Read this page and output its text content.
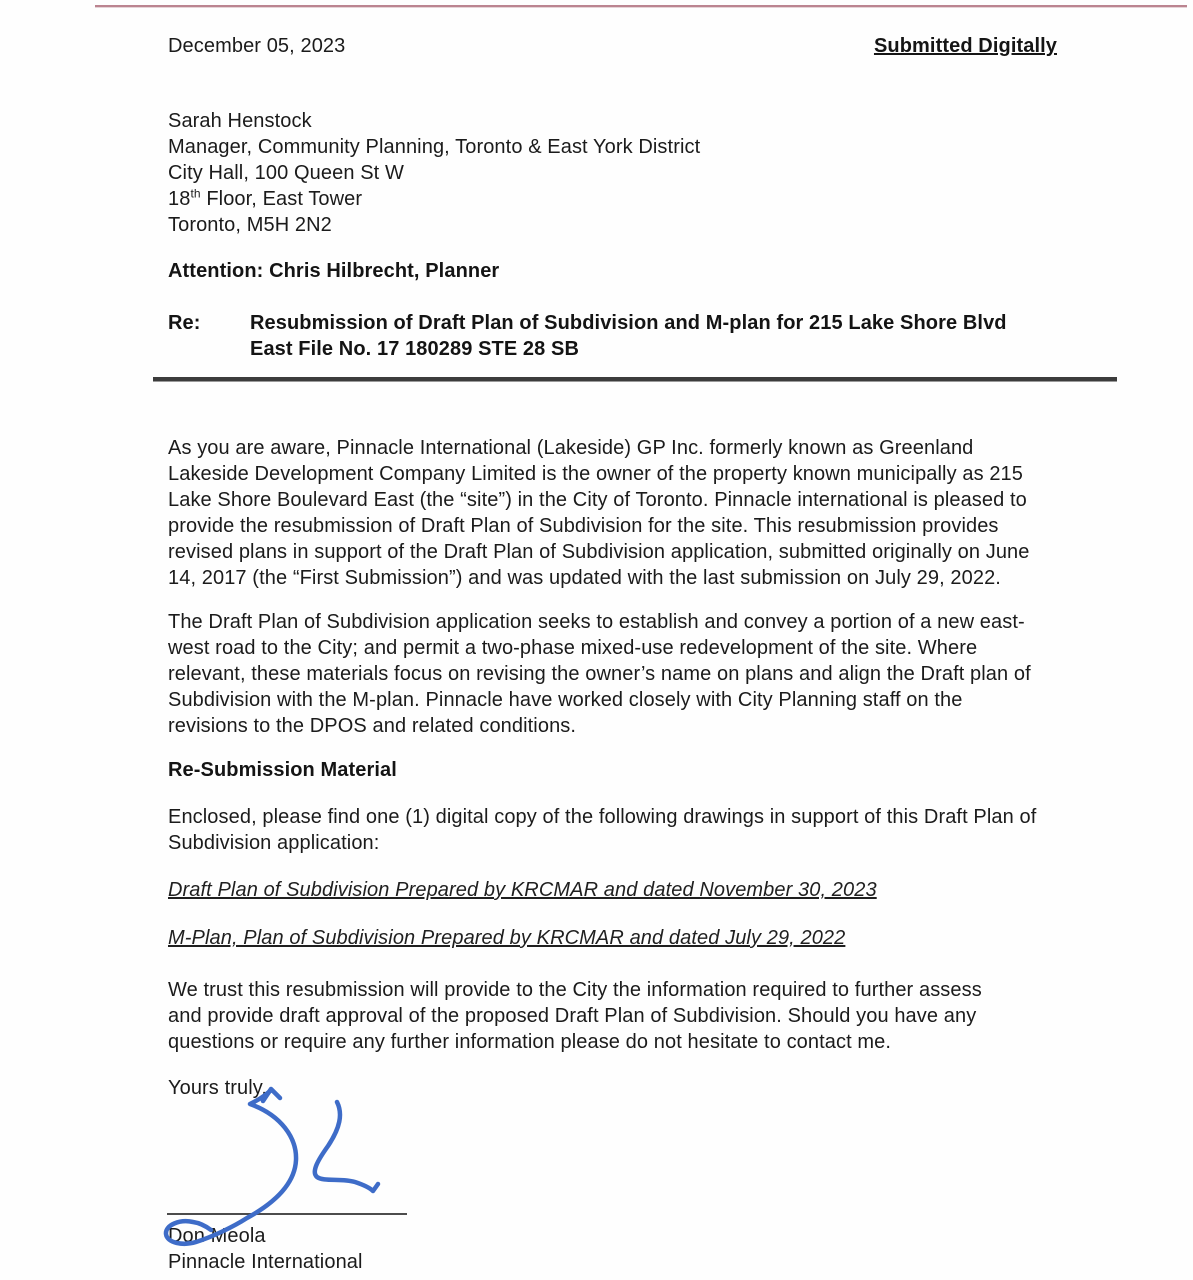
December 05, 2023	Submitted Digitally
Sarah Henstock
Manager, Community Planning, Toronto & East York District
City Hall, 100 Queen St W
18th Floor, East Tower
Toronto, M5H 2N2
Attention: Chris Hilbrecht, Planner
Re:	Resubmission of Draft Plan of Subdivision and M-plan for 215 Lake Shore Blvd
East File No. 17 180289 STE 28 SB
As you are aware, Pinnacle International (Lakeside) GP Inc. formerly known as Greenland
Lakeside Development Company Limited is the owner of the property known municipally as 215
Lake Shore Boulevard East (the “site”) in the City of Toronto. Pinnacle international is pleased to
provide the resubmission of Draft Plan of Subdivision for the site. This resubmission provides
revised plans in support of the Draft Plan of Subdivision application, submitted originally on June
14, 2017 (the “First Submission”) and was updated with the last submission on July 29, 2022.
The Draft Plan of Subdivision application seeks to establish and convey a portion of a new east-
west road to the City; and permit a two-phase mixed-use redevelopment of the site. Where
relevant, these materials focus on revising the owner’s name on plans and align the Draft plan of
Subdivision with the M-plan. Pinnacle have worked closely with City Planning staff on the
revisions to the DPOS and related conditions.
Re-Submission Material
Enclosed, please find one (1) digital copy of the following drawings in support of this Draft Plan of
Subdivision application:
Draft Plan of Subdivision Prepared by KRCMAR and dated November 30, 2023
M-Plan, Plan of Subdivision Prepared by KRCMAR and dated July 29, 2022
We trust this resubmission will provide to the City the information required to further assess
and provide draft approval of the proposed Draft Plan of Subdivision. Should you have any
questions or require any further information please do not hesitate to contact me.
Yours truly,
Don Meola
Pinnacle International
